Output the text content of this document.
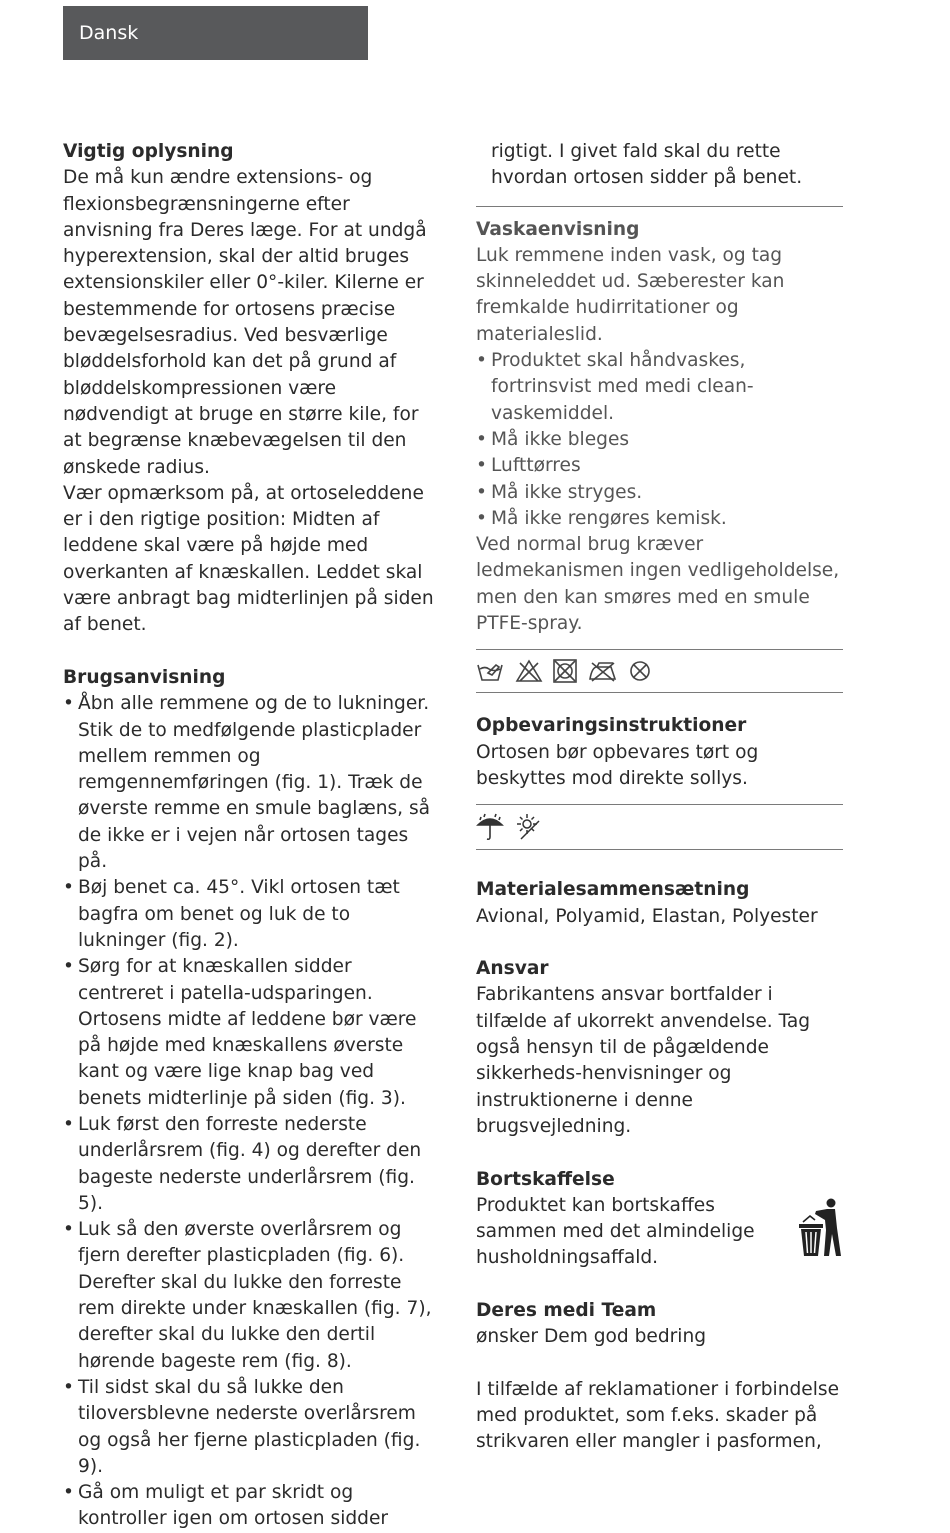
Dansk
Vigtig oplysning
De må kun ændre extensions- og flexionsbegrænsningerne efter anvisning fra Deres læge. For at undgå hyperextension, skal der altid bruges extensionskiler eller 0°-kiler. Kilerne er bestemmende for ortosens præcise bevægelsesradius. Ved besværlige bløddelsforhold kan det på grund af bløddelskompressionen være nødvendigt at bruge en større kile, for at begrænse knæbevægelsen til den ønskede radius.
Vær opmærksom på, at ortoseleddene er i den rigtige position: Midten af leddene skal være på højde med overkanten af knæskallen. Leddet skal være anbragt bag midterlinjen på siden af benet.
Brugsanvisning
• Åbn alle remmene og de to lukninger. Stik de to medfølgende plasticplader mellem remmen og remgennemføringen (fig. 1). Træk de øverste remme en smule baglæns, så de ikke er i vejen når ortosen tages på.
• Bøj benet ca. 45°. Vikl ortosen tæt bagfra om benet og luk de to lukninger (fig. 2).
• Sørg for at knæskallen sidder centreret i patella-udsparingen. Ortosens midte af leddene bør være på højde med knæskallens øverste kant og være lige knap bag ved benets midterlinje på siden (fig. 3).
• Luk først den forreste nederste underlårsrem (fig. 4) og derefter den bageste nederste underlårsrem (fig. 5).
• Luk så den øverste overlårsrem og fjern derefter plasticpladen (fig. 6). Derefter skal du lukke den forreste rem direkte under knæskallen (fig. 7), derefter skal du lukke den dertil hørende bageste rem (fig. 8).
• Til sidst skal du så lukke den tiloversblevne nederste overlårsrem og også her fjerne plasticpladen (fig. 9).
• Gå om muligt et par skridt og kontroller igen om ortosen sidder
rigtigt. I givet fald skal du rette hvordan ortosen sidder på benet.
Vaskaenvisning
Luk remmene inden vask, og tag skinneleddet ud. Sæberester kan fremkalde hudirritationer og materialeslid.
• Produktet skal håndvaskes, fortrinsvist med medi clean-vaskemiddel.
• Må ikke bleges
• Lufttørres
• Må ikke stryges.
• Må ikke rengøres kemisk.
Ved normal brug kræver ledmekanismen ingen vedligeholdelse, men den kan smøres med en smule PTFE-spray.
Opbevaringsinstruktioner
Ortosen bør opbevares tørt og beskyttes mod direkte sollys.
Materialesammensætning
Avional, Polyamid, Elastan, Polyester
Ansvar
Fabrikantens ansvar bortfalder i tilfælde af ukorrekt anvendelse. Tag også hensyn til de pågældende sikkerheds-henvisninger og instruktionerne i denne brugsvejledning.
Bortskaffelse
Produktet kan bortskaffes sammen med det almindelige husholdningsaffald.
Deres medi Team
ønsker Dem god bedring
I tilfælde af reklamationer i forbindelse med produktet, som f.eks. skader på strikvaren eller mangler i pasformen,
